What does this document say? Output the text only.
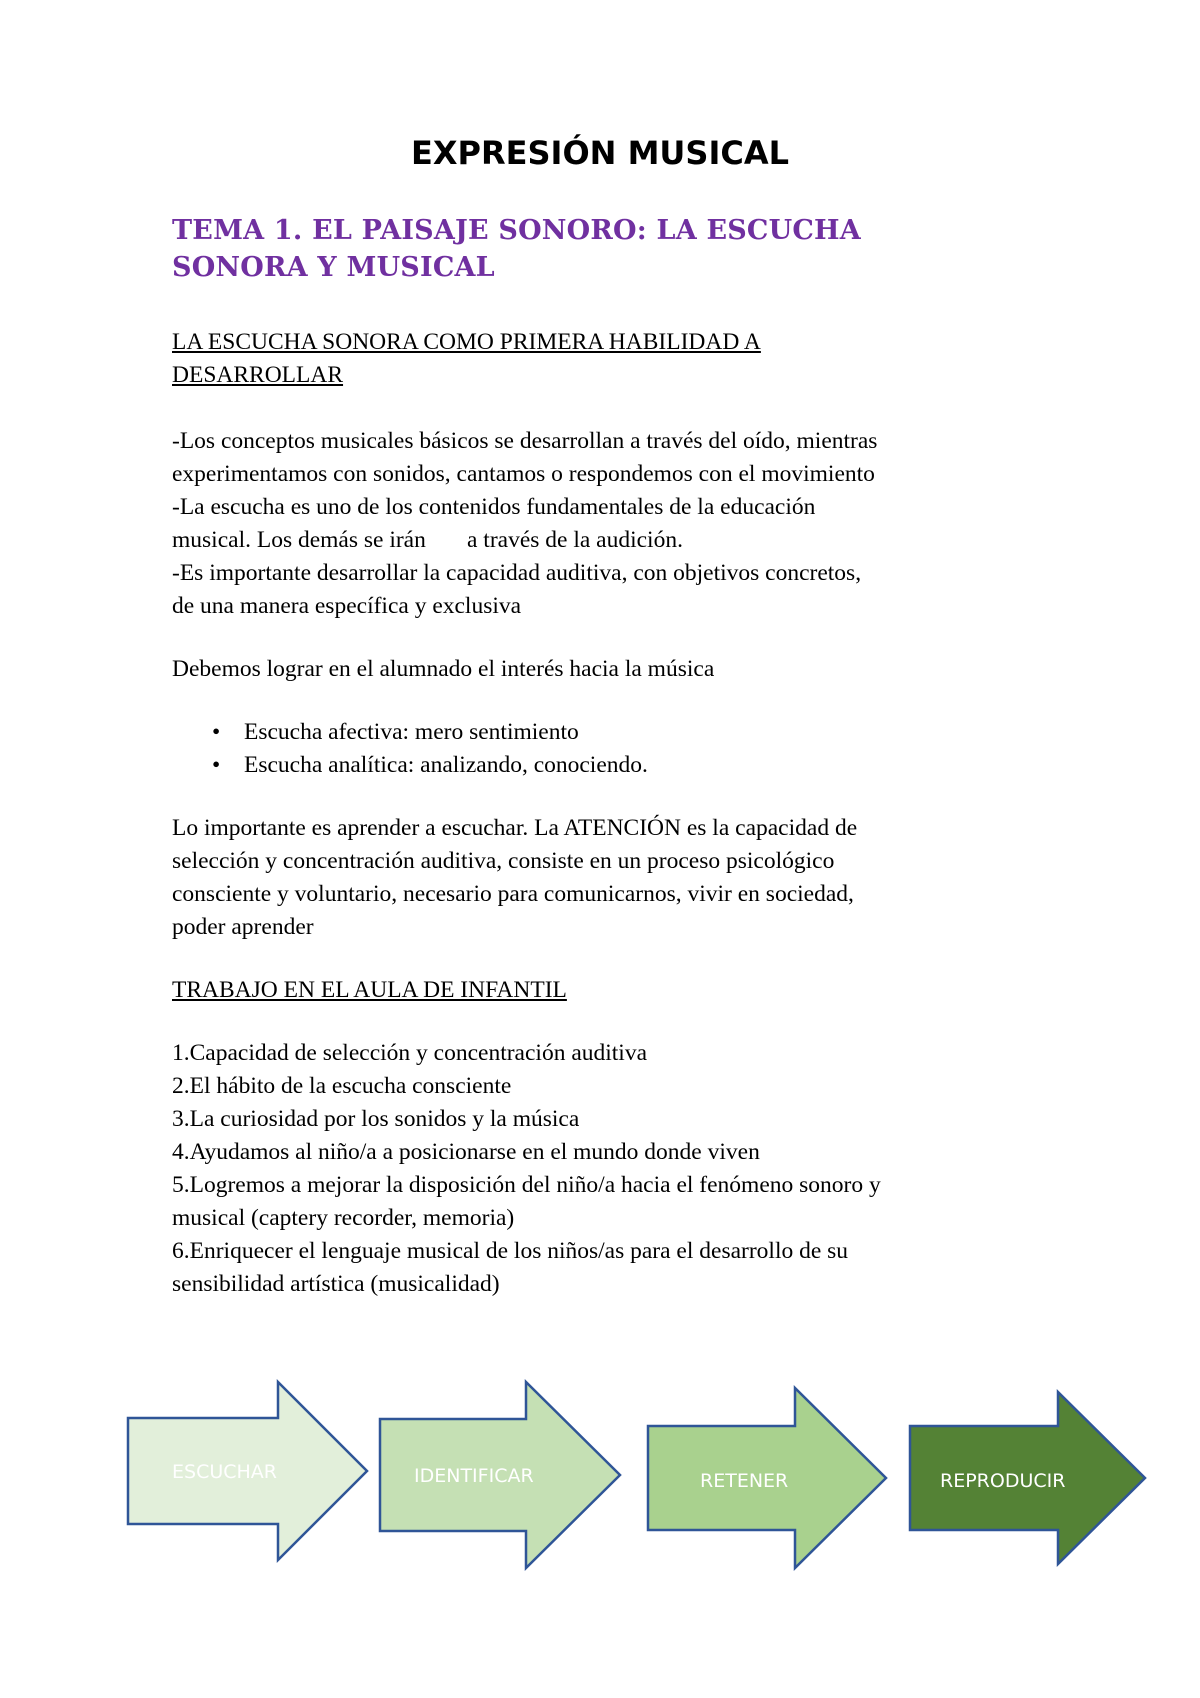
EXPRESIÓN MUSICAL
TEMA 1. EL PAISAJE SONORO: LA ESCUCHA SONORA Y MUSICAL

LA ESCUCHA SONORA COMO PRIMERA HABILIDAD A

DESARROLLAR

-Los conceptos musicales básicos se desarrollan a través del oído, mientras

experimentamos con sonidos, cantamos o respondemos con el movimiento

-La escucha es uno de los contenidos fundamentales de la educación

musical. Los demás se irán       a través de la audición.

-Es importante desarrollar la capacidad auditiva, con objetivos concretos,

de una manera específica y exclusiva

Debemos lograr en el alumnado el interés hacia la música

• Escucha afectiva: mero sentimiento
• Escucha analítica: analizando, conociendo.

Lo importante es aprender a escuchar. La ATENCIÓN es la capacidad de

selección y concentración auditiva, consiste en un proceso psicológico

consciente y voluntario, necesario para comunicarnos, vivir en sociedad,

poder aprender

TRABAJO EN EL AULA DE INFANTIL

1.Capacidad de selección y concentración auditiva

2.El hábito de la escucha consciente

3.La curiosidad por los sonidos y la música

4.Ayudamos al niño/a a posicionarse en el mundo donde viven

5.Logremos a mejorar la disposición del niño/a hacia el fenómeno sonoro y

musical (captery recorder, memoria)

6.Enriquecer el lenguaje musical de los niños/as para el desarrollo de su

sensibilidad artística (musicalidad)

ESCUCHAR	IDENTIFICAR	RETENER	REPRODUCIR
